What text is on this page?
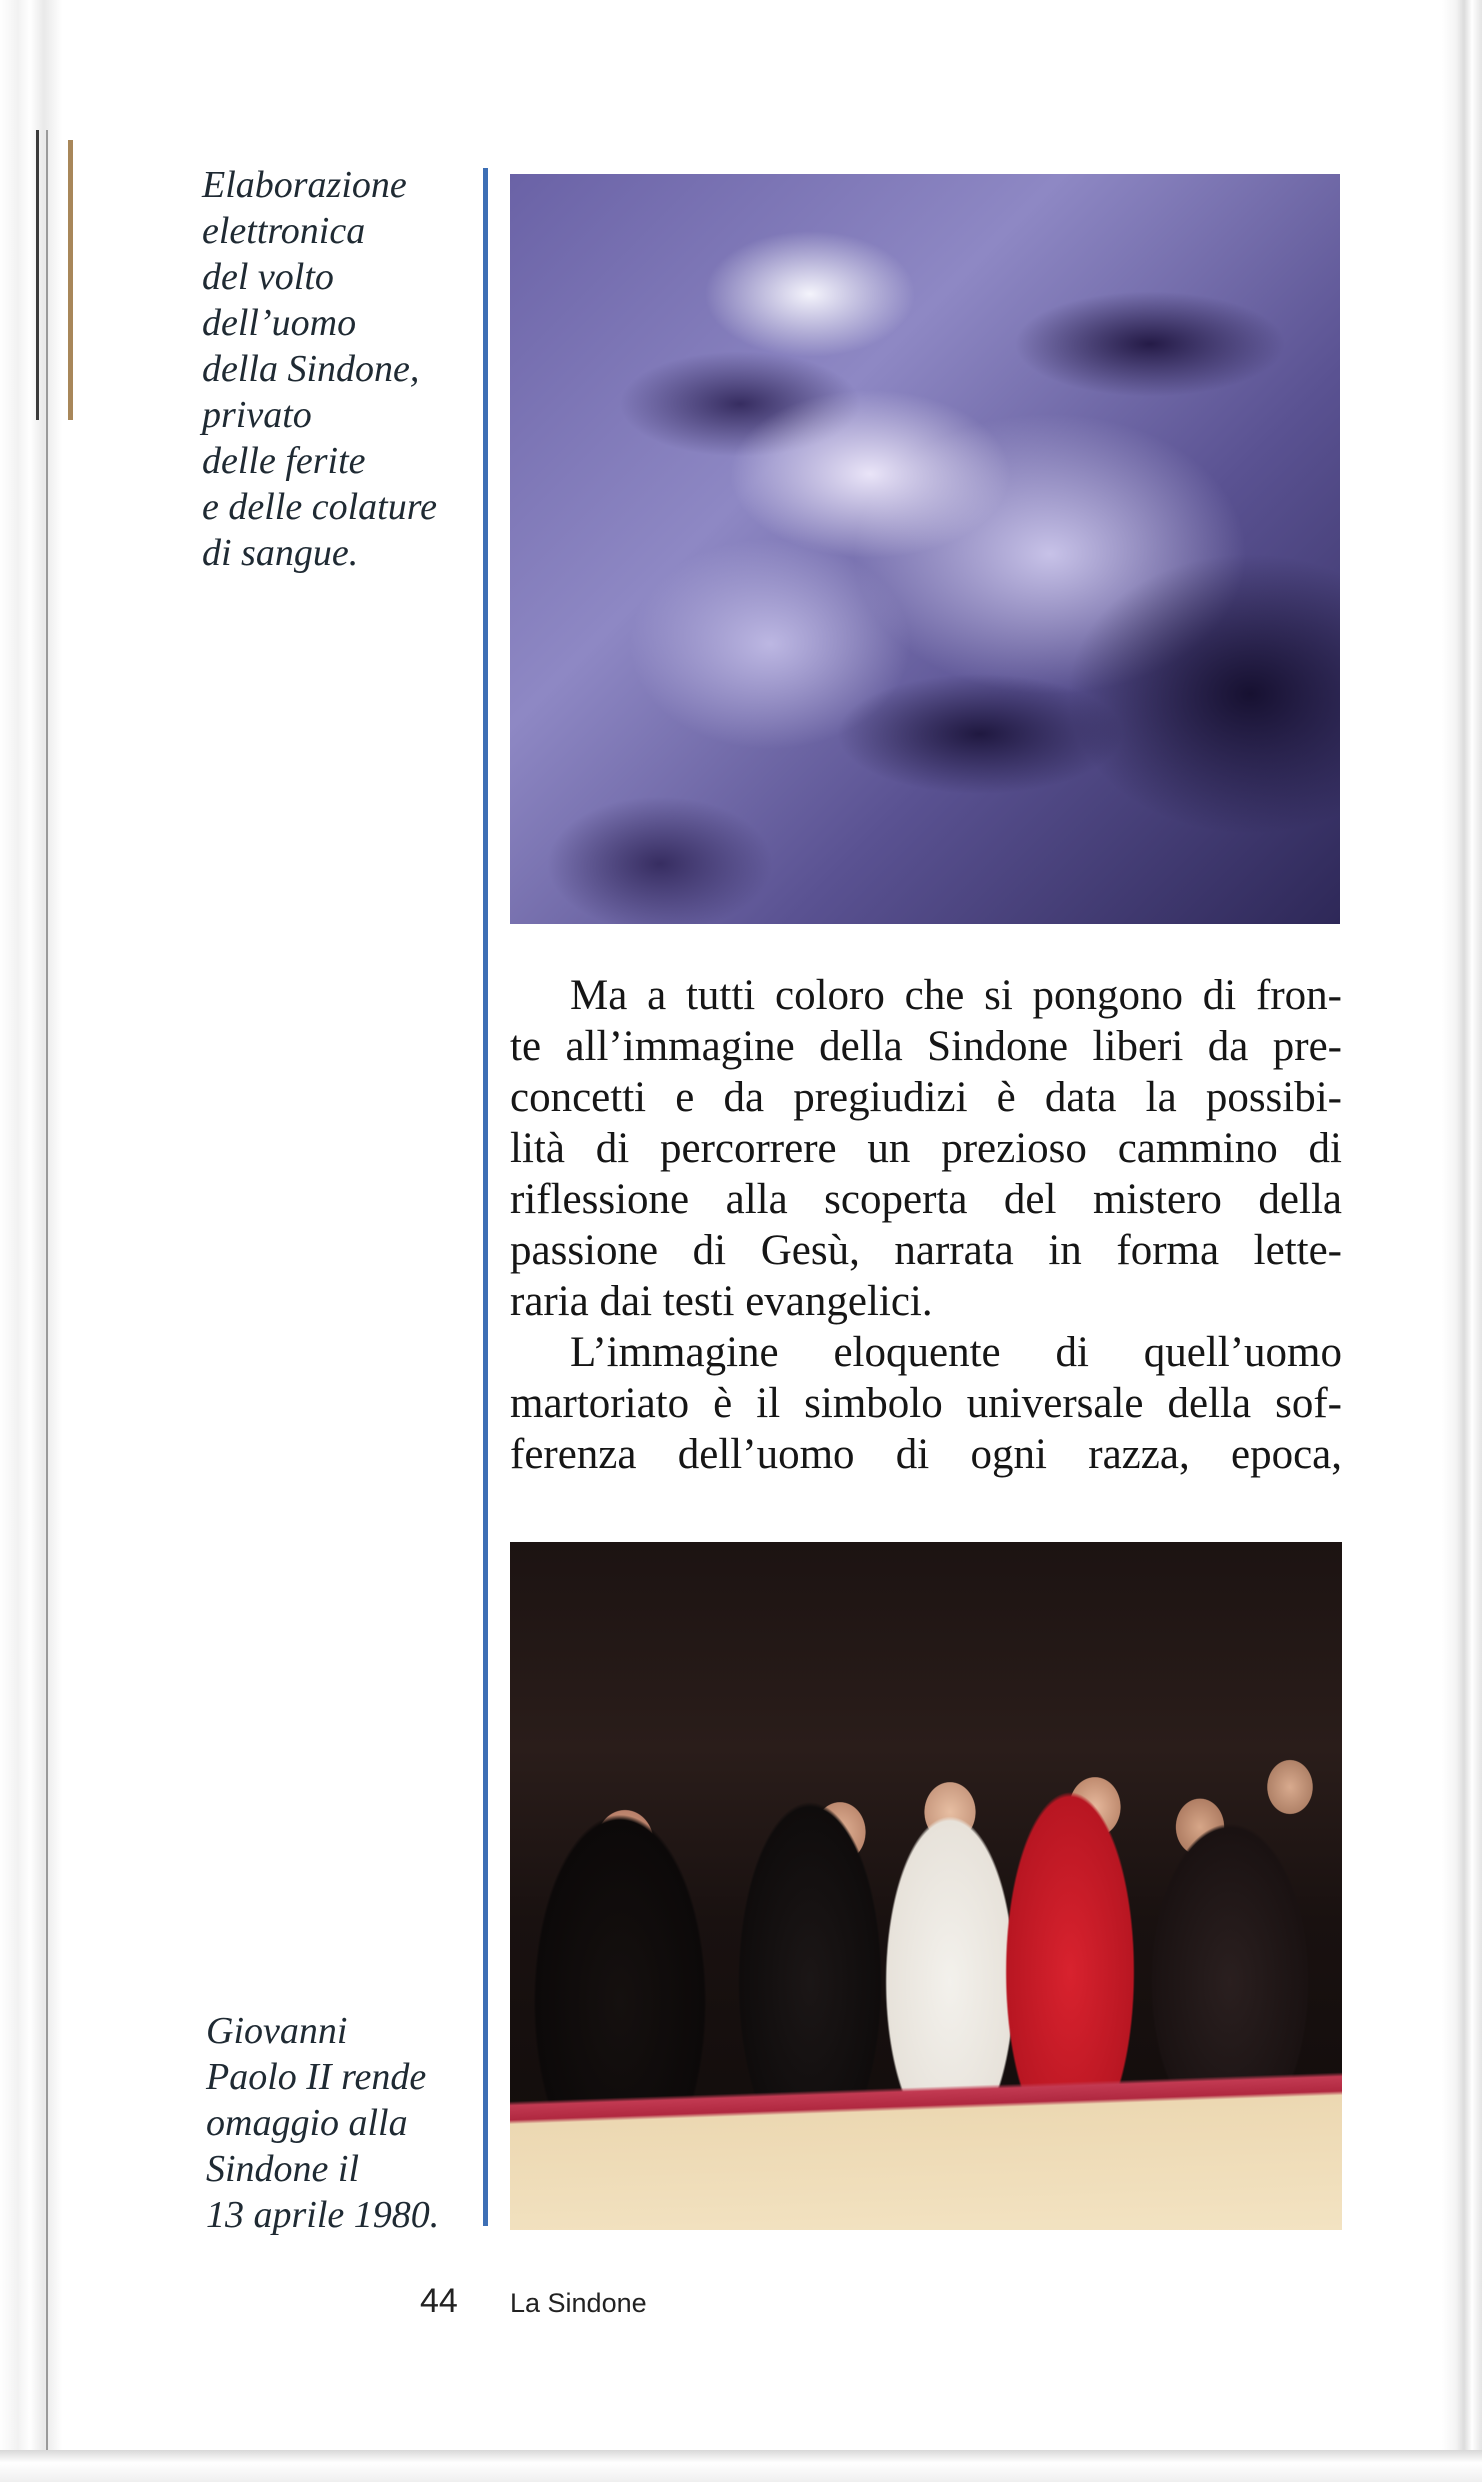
Elaborazione
elettronica
del volto
dell’uomo
della Sindone,
privato
delle ferite
e delle colature
di sangue.
Ma a tutti coloro che si pongono di fron-
te all’immagine della Sindone liberi da pre-
concetti e da pregiudizi è data la possibi-
lità di percorrere un prezioso cammino di
riflessione alla scoperta del mistero della
passione di Gesù, narrata in forma lette-
raria dai testi evangelici.
L’immagine eloquente di quell’uomo
martoriato è il simbolo universale della sof-
ferenza dell’uomo di ogni razza, epoca,
Giovanni
Paolo II rende
omaggio alla
Sindone il
13 aprile 1980.
44 La Sindone
